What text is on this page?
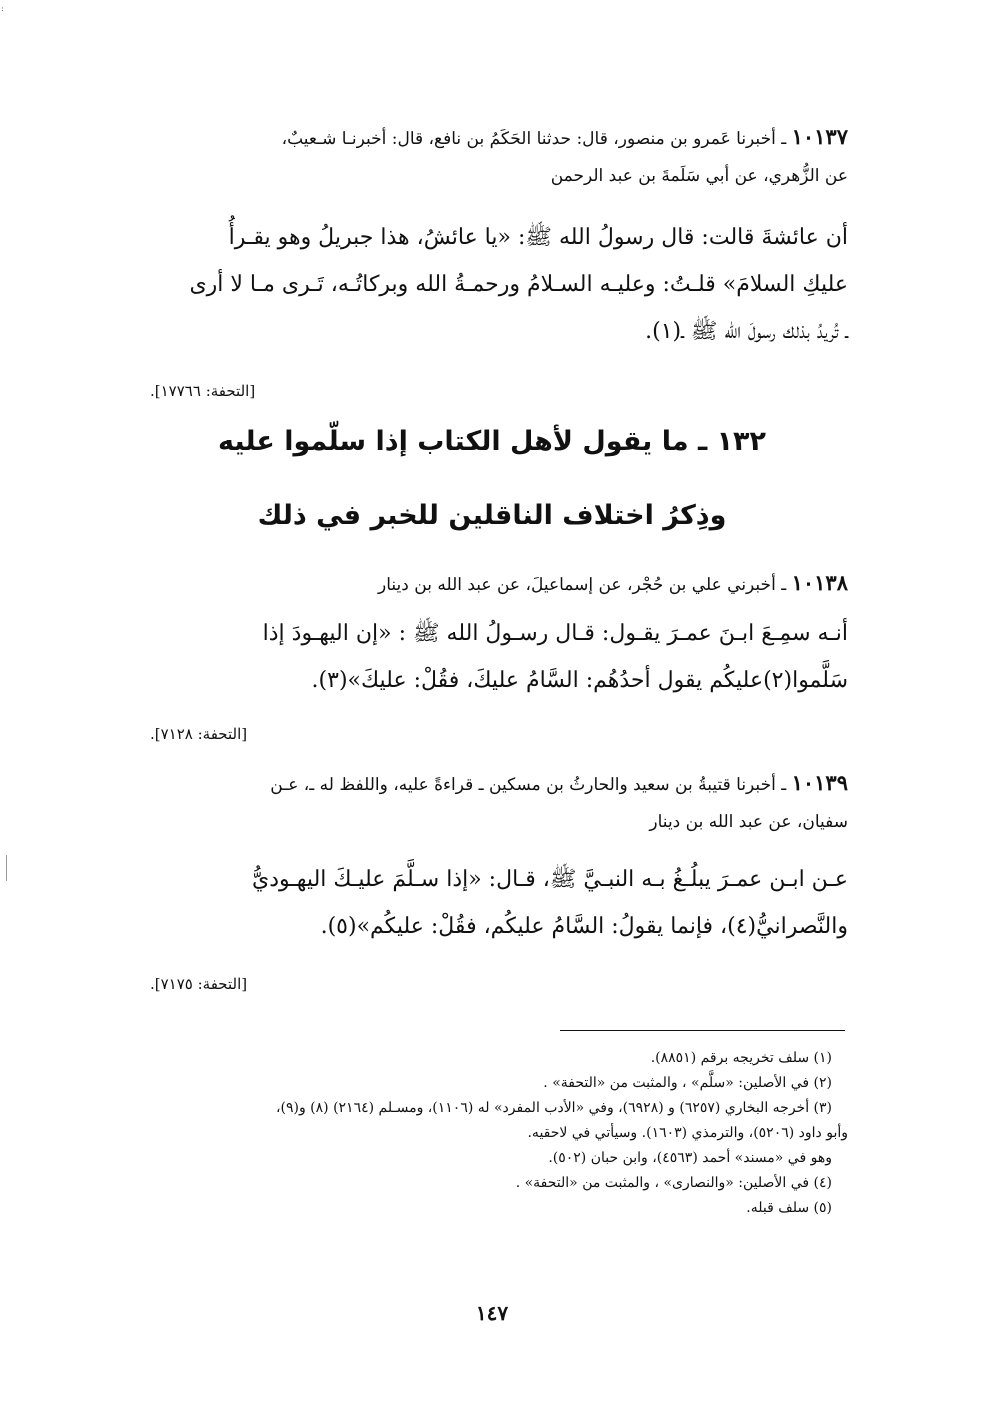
:
١٠١٣٧ ـ أخبرنا عَمرو بن منصور، قال: حدثنا الحَكَمُ بن نافع، قال: أخبرنـا شـعيبٌ،
عن الزُّهري، عن أبي سَلَمةَ بن عبد الرحمن
أن عائشةَ قالت: قال رسولُ الله ﷺ: «يا عائشُ، هذا جبريلُ وهو يقـرأُ
عليكِ السلامَ» قلـتُ: وعليـه السـلامُ ورحمـةُ الله وبركاتُـه، تَـرى مـا لا أرى
ـ تُريدُ بذلك رسولَ الله ﷺ ـ(١).
[التحفة: ١٧٧٦٦].
١٣٢ ـ ما يقول لأهل الكتاب إذا سلّموا عليه
وذِكرُ اختلاف الناقلين للخبر في ذلك
١٠١٣٨ ـ أخبرني علي بن حُجْر، عن إسماعيلَ، عن عبد الله بن دينار
أنـه سمِـعَ ابـنَ عمـرَ يقـول: قـال رسـولُ الله ﷺ : «إن اليهـودَ إذا
سَلَّموا(٢)عليكُم يقول أحدُهُم: السَّامُ عليكَ، فقُلْ: عليكَ»(٣).
[التحفة: ٧١٢٨].
١٠١٣٩ ـ أخبرنا قتيبةُ بن سعيد والحارثُ بن مسكين ـ قراءةً عليه، واللفظ له ـ، عـن
سفيان، عن عبد الله بن دينار
عـن ابـن عمـرَ يبلُـغُ بـه النبـيَّ ﷺ، قـال: «إذا سـلَّمَ عليـكَ اليهـوديُّ
والنَّصرانيُّ(٤)، فإنما يقولُ: السَّامُ عليكُم، فقُلْ: عليكُم»(٥).
[التحفة: ٧١٧٥].

(١) سلف تخريجه برقم (٨٨٥١).

(٢) في الأصلين: «سلَّم» ، والمثبت من «التحفة» .

(٣) أخرجه البخاري (٦٢٥٧) و (٦٩٢٨)، وفي «الأدب المفرد» له (١١٠٦)، ومسـلم (٢١٦٤) (٨) و(٩)،

وأبو داود (٥٢٠٦)، والترمذي (١٦٠٣). وسيأتي في لاحقيه.

وهو في «مسند» أحمد (٤٥٦٣)، وابن حبان (٥٠٢).

(٤) في الأصلين: «والنصارى» ، والمثبت من «التحفة» .

(٥) سلف قبله.

١٤٧
